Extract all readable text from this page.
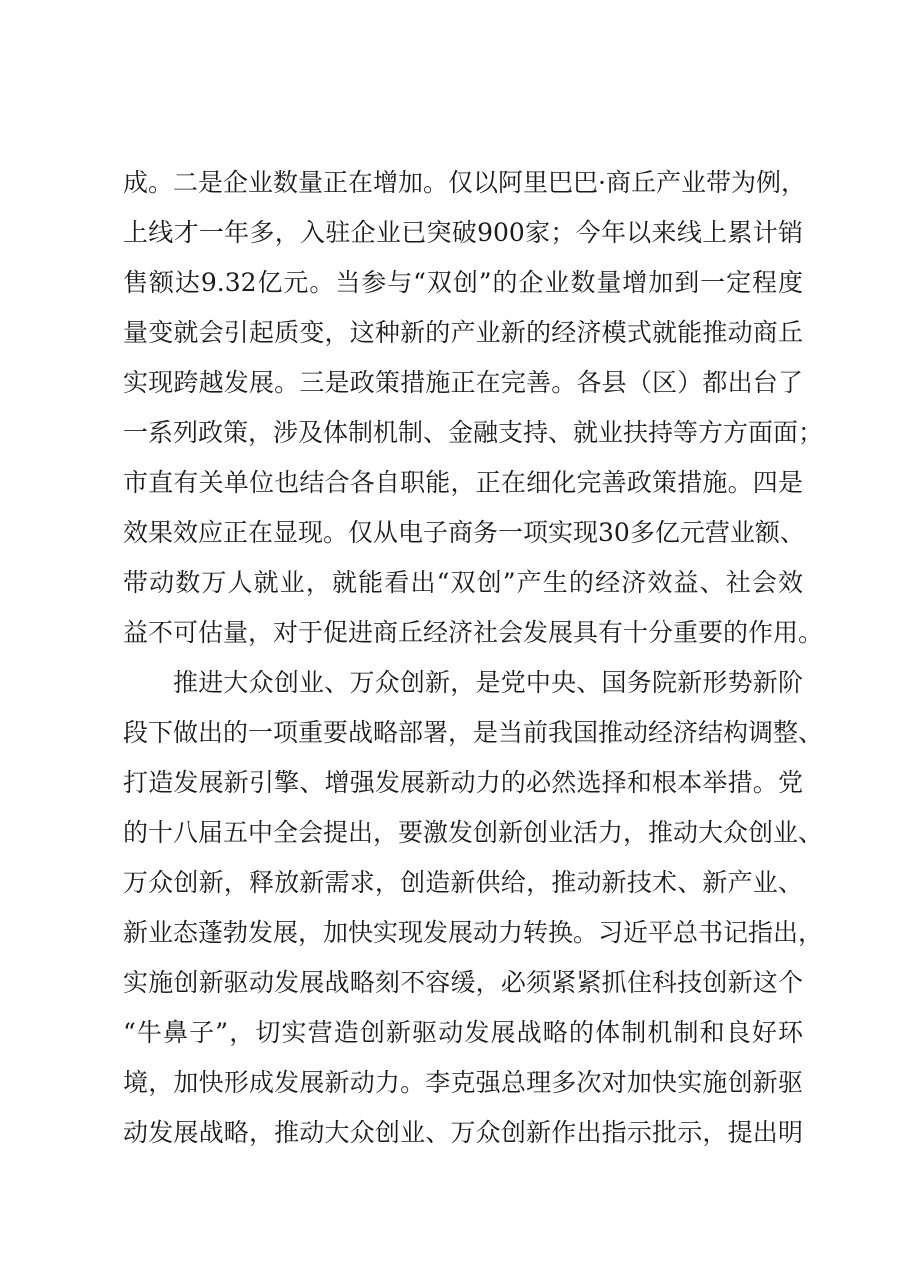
成。二是企业数量正在增加。仅以阿里巴巴·商丘产业带为例，
上线才一年多，入驻企业已突破900家；今年以来线上累计销
售额达9.32亿元。当参与“双创”的企业数量增加到一定程度
量变就会引起质变，这种新的产业新的经济模式就能推动商丘
实现跨越发展。三是政策措施正在完善。各县（区）都出台了
一系列政策，涉及体制机制、金融支持、就业扶持等方方面面；
市直有关单位也结合各自职能，正在细化完善政策措施。四是
效果效应正在显现。仅从电子商务一项实现30多亿元营业额、
带动数万人就业，就能看出“双创”产生的经济效益、社会效
益不可估量，对于促进商丘经济社会发展具有十分重要的作用。
推进大众创业、万众创新，是党中央、国务院新形势新阶
段下做出的一项重要战略部署，是当前我国推动经济结构调整、
打造发展新引擎、增强发展新动力的必然选择和根本举措。党
的十八届五中全会提出，要激发创新创业活力，推动大众创业、
万众创新，释放新需求，创造新供给，推动新技术、新产业、
新业态蓬勃发展，加快实现发展动力转换。习近平总书记指出，
实施创新驱动发展战略刻不容缓，必须紧紧抓住科技创新这个
“牛鼻子”，切实营造创新驱动发展战略的体制机制和良好环
境，加快形成发展新动力。李克强总理多次对加快实施创新驱
动发展战略，推动大众创业、万众创新作出指示批示，提出明
